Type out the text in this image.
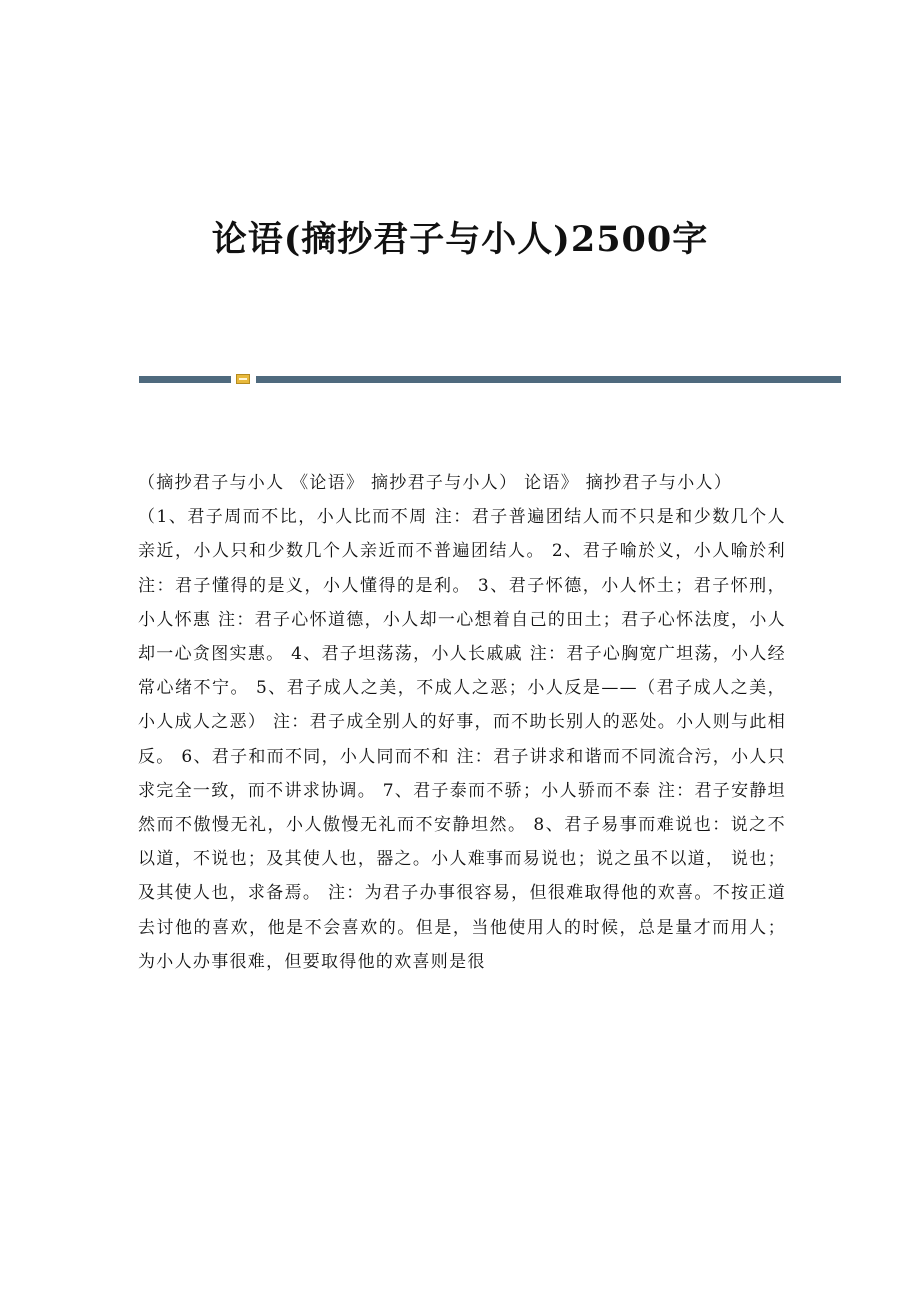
论语(摘抄君子与小人)2500字

（摘抄君子与小人 《论语》 摘抄君子与小人） 论语》 摘抄君子与小人）

（1、君子周而不比，小人比而不周 注：君子普遍团结人而不只是和少数几个人亲近，小人只和少数几个人亲近而不普遍团结人。 2、君子喻於义，小人喻於利 注：君子懂得的是义，小人懂得的是利。 3、君子怀德，小人怀土；君子怀刑，小人怀惠 注：君子心怀道德，小人却一心想着自己的田土；君子心怀法度，小人却一心贪图实惠。 4、君子坦荡荡，小人长戚戚 注：君子心胸宽广坦荡，小人经常心绪不宁。 5、君子成人之美，不成人之恶；小人反是——（君子成人之美，小人成人之恶） 注：君子成全别人的好事，而不助长别人的恶处。小人则与此相反。 6、君子和而不同，小人同而不和 注：君子讲求和谐而不同流合污，小人只求完全一致，而不讲求协调。 7、君子泰而不骄；小人骄而不泰 注：君子安静坦然而不傲慢无礼，小人傲慢无礼而不安静坦然。 8、君子易事而难说也：说之不以道，不说也；及其使人也，器之。小人难事而易说也；说之虽不以道， 说也；及其使人也，求备焉。 注：为君子办事很容易，但很难取得他的欢喜。不按正道去讨他的喜欢，他是不会喜欢的。但是，当他使用人的时候，总是量才而用人；为小人办事很难，但要取得他的欢喜则是很
